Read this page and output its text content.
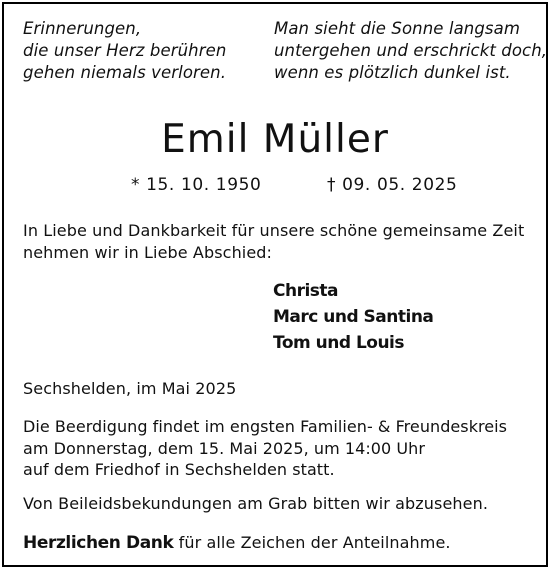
Erinnerungen,
die unser Herz berühren
gehen niemals verloren.
Man sieht die Sonne langsam
untergehen und erschrickt doch,
wenn es plötzlich dunkel ist.
Emil Müller
* 15. 10. 1950	† 09. 05. 2025
In Liebe und Dankbarkeit für unsere schöne gemeinsame Zeit
nehmen wir in Liebe Abschied:
Christa
Marc und Santina
Tom und Louis
Sechshelden, im Mai 2025
Die Beerdigung findet im engsten Familien- & Freundeskreis
am Donnerstag, dem 15. Mai 2025, um 14:00 Uhr
auf dem Friedhof in Sechshelden statt.
Von Beileidsbekundungen am Grab bitten wir abzusehen.
Herzlichen Dank für alle Zeichen der Anteilnahme.
